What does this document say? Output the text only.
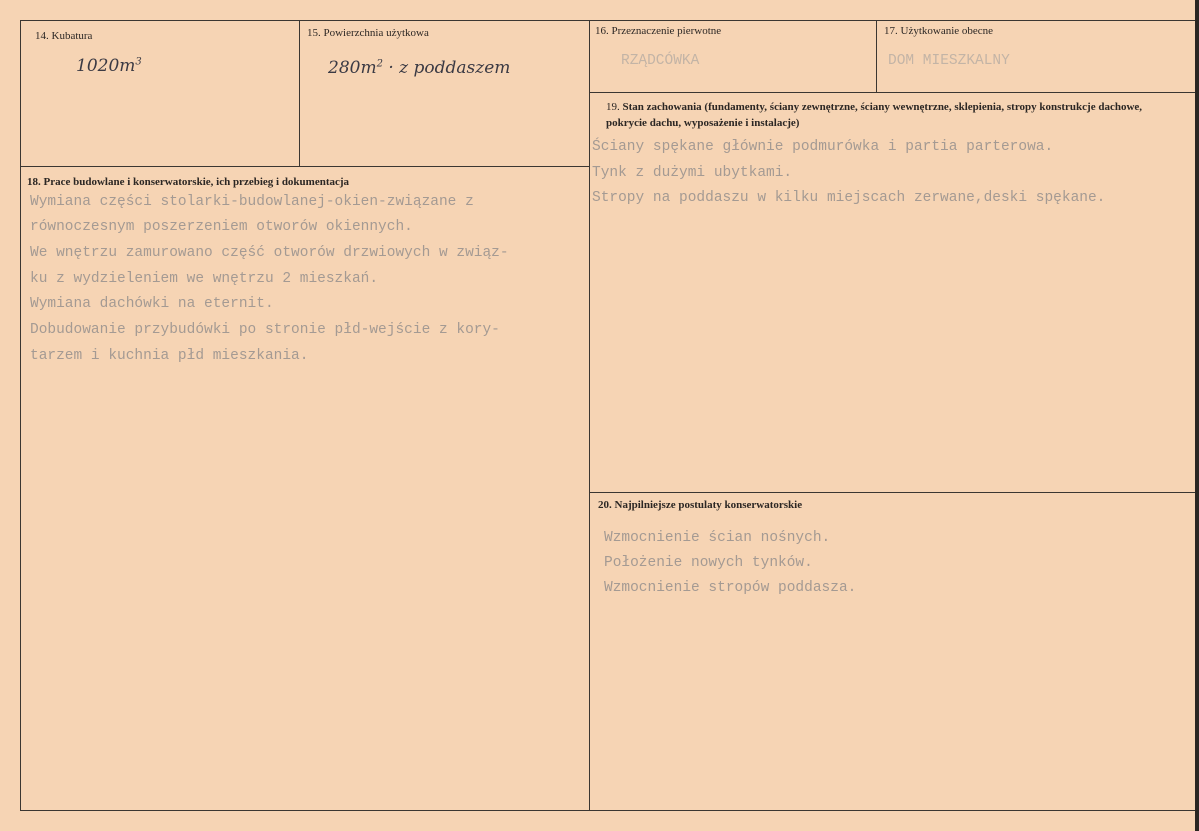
14. Kubatura
$1020m^3$
15. Powierzchnia użytkowa
$280m^2 \cdot z$ poddaszem
16. Przeznaczenie pierwotne
RZĄDCÓWKA
17. Użytkowanie obecne
DOM MIESZKALNY
18. Prace budowlane i konserwatorskie, ich przebieg i dokumentacja
Wymiana części stolarki-budowlanej-okien-związane z
równoczesnym poszerzeniem otworów okiennych.
We wnętrzu zamurowano część otworów drzwiowych w związ-
ku z wydzieleniem we wnętrzu 2 mieszkań.
Wymiana dachówki na eternit.
Dobudowanie przybudówki po stronie płd-wejście z kory-
tarzem i kuchnia płd mieszkania.
19. Stan zachowania (fundamenty, ściany zewnętrzne, ściany wewnętrzne, sklepienia, stropy konstrukcje dachowe, pokrycie dachu, wyposażenie i instalacje)
Ściany spękane głównie podmurówka i partia parterowa.
Tynk z dużymi ubytkami.
Stropy na poddaszu w kilku miejscach zerwane,deski spękane.
20. Najpilniejsze postulaty konserwatorskie
Wzmocnienie ścian nośnych.
Położenie nowych tynków.
Wzmocnienie stropów poddasza.
